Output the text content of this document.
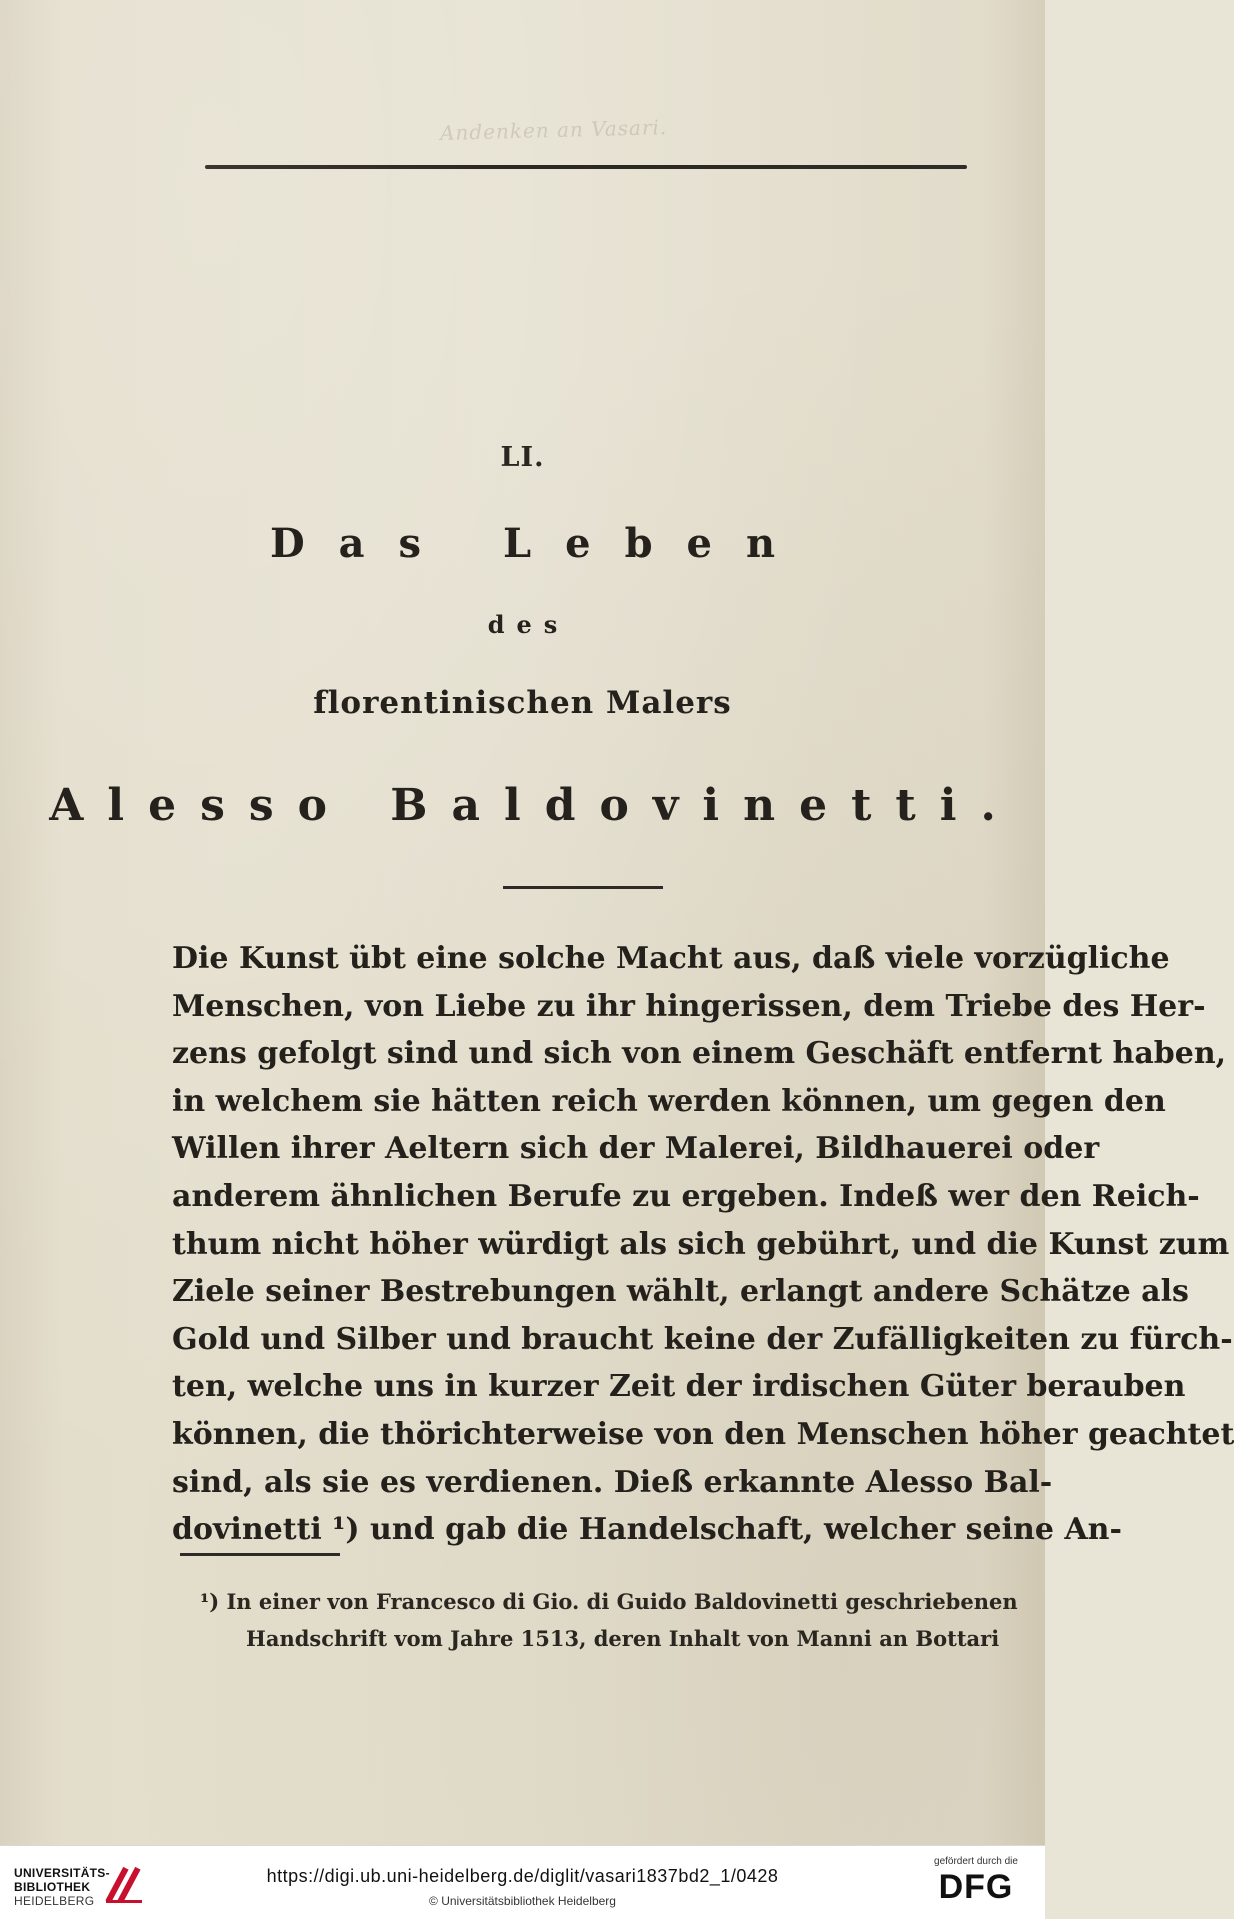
Andenken an Vasari.
LI.
Das Leben
des
florentinischen Malers
Alesso Baldovinetti.
Die Kunst übt eine solche Macht aus, daß viele vorzügliche
Menschen, von Liebe zu ihr hingerissen, dem Triebe des Her-
zens gefolgt sind und sich von einem Geschäft entfernt haben,
in welchem sie hätten reich werden können, um gegen den
Willen ihrer Aeltern sich der Malerei, Bildhauerei oder
anderem ähnlichen Berufe zu ergeben. Indeß wer den Reich-
thum nicht höher würdigt als sich gebührt, und die Kunst zum
Ziele seiner Bestrebungen wählt, erlangt andere Schätze als
Gold und Silber und braucht keine der Zufälligkeiten zu fürch-
ten, welche uns in kurzer Zeit der irdischen Güter berauben
können, die thörichterweise von den Menschen höher geachtet
sind, als sie es verdienen. Dieß erkannte Alesso Bal-
dovinetti ¹) und gab die Handelschaft, welcher seine An-
¹) In einer von Francesco di Gio. di Guido Baldovinetti geschriebenen
Handschrift vom Jahre 1513, deren Inhalt von Manni an Bottari
UNIVERSITÄTS-
BIBLIOTHEK
HEIDELBERG
https://digi.ub.uni-heidelberg.de/diglit/vasari1837bd2_1/0428
© Universitätsbibliothek Heidelberg
gefördert durch die
DFG
